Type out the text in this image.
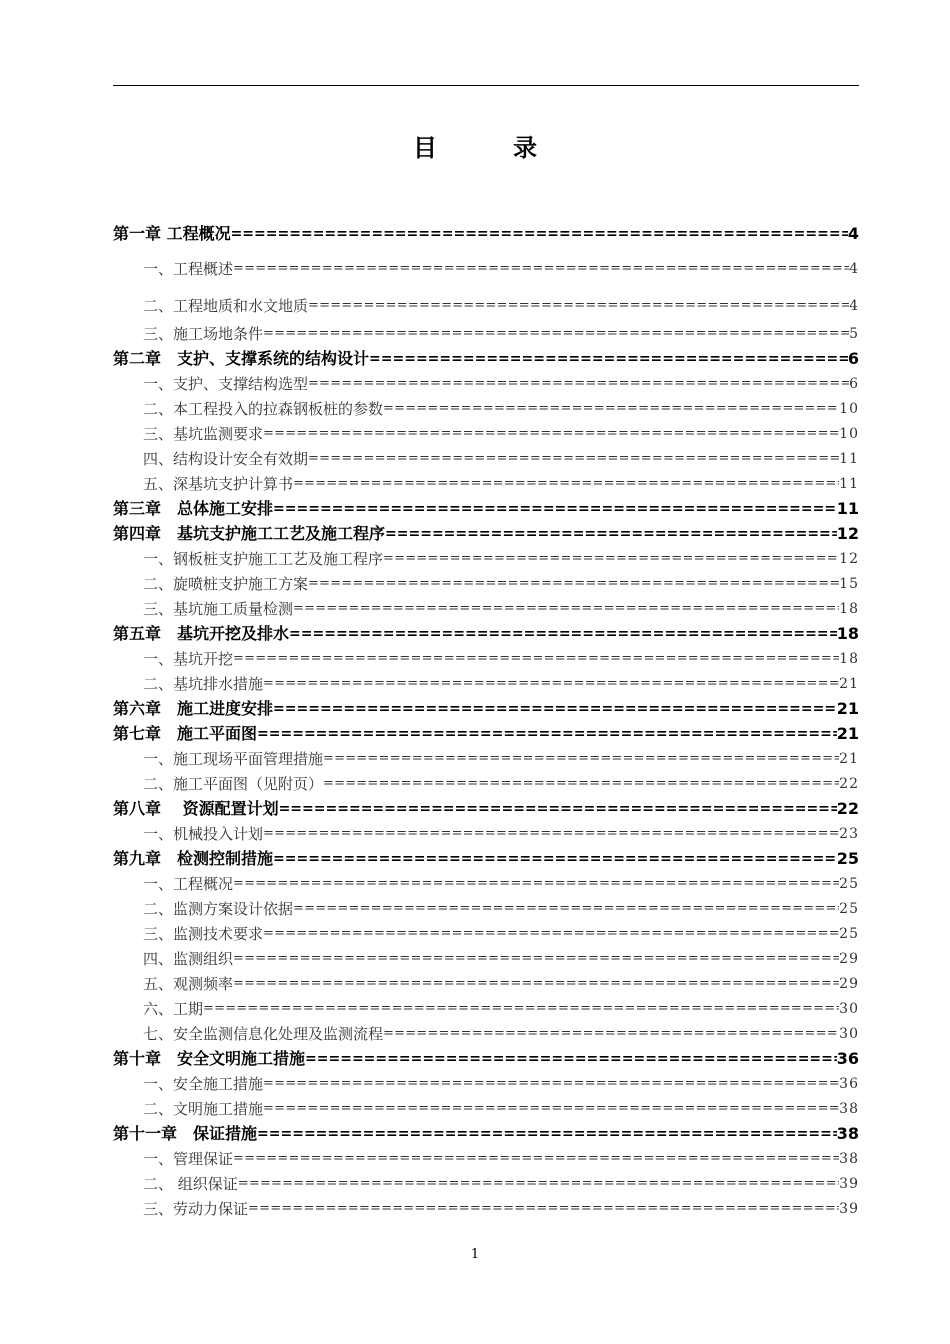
目　录
第一章 工程概况 =====	4
一、工程概述 =====	4
二、工程地质和水文地质 =====	4
三、施工场地条件 =====	5
第二章　支护、支撑系统的结构设计 =====	6
一、支护、支撑结构选型 =====	6
二、本工程投入的拉森钢板桩的参数 =====	10
三、基坑监测要求 =====	10
四、结构设计安全有效期 =====	11
五、深基坑支护计算书 =====	11
第三章　总体施工安排 =====	11
第四章　基坑支护施工工艺及施工程序 =====	12
一、钢板桩支护施工工艺及施工程序 =====	12
二、旋喷桩支护施工方案 =====	15
三、基坑施工质量检测 =====	18
第五章　基坑开挖及排水 =====	18
一、基坑开挖 =====	18
二、基坑排水措施 =====	21
第六章　施工进度安排 =====	21
第七章　施工平面图 =====	21
一、施工现场平面管理措施 =====	21
二、施工平面图（见附页） =====	22
第八章　 资源配置计划 =====	22
一、机械投入计划 =====	23
第九章　检测控制措施 =====	25
一、工程概况 =====	25
二、监测方案设计依据 =====	25
三、监测技术要求 =====	25
四、监测组织 =====	29
五、观测频率 =====	29
六、工期 =====	30
七、安全监测信息化处理及监测流程 =====	30
第十章　安全文明施工措施 =====	36
一、安全施工措施 =====	36
二、文明施工措施 =====	38
第十一章　保证措施 =====	38
一、管理保证 =====	38
二、 组织保证 =====	39
三、劳动力保证 =====	39
1
